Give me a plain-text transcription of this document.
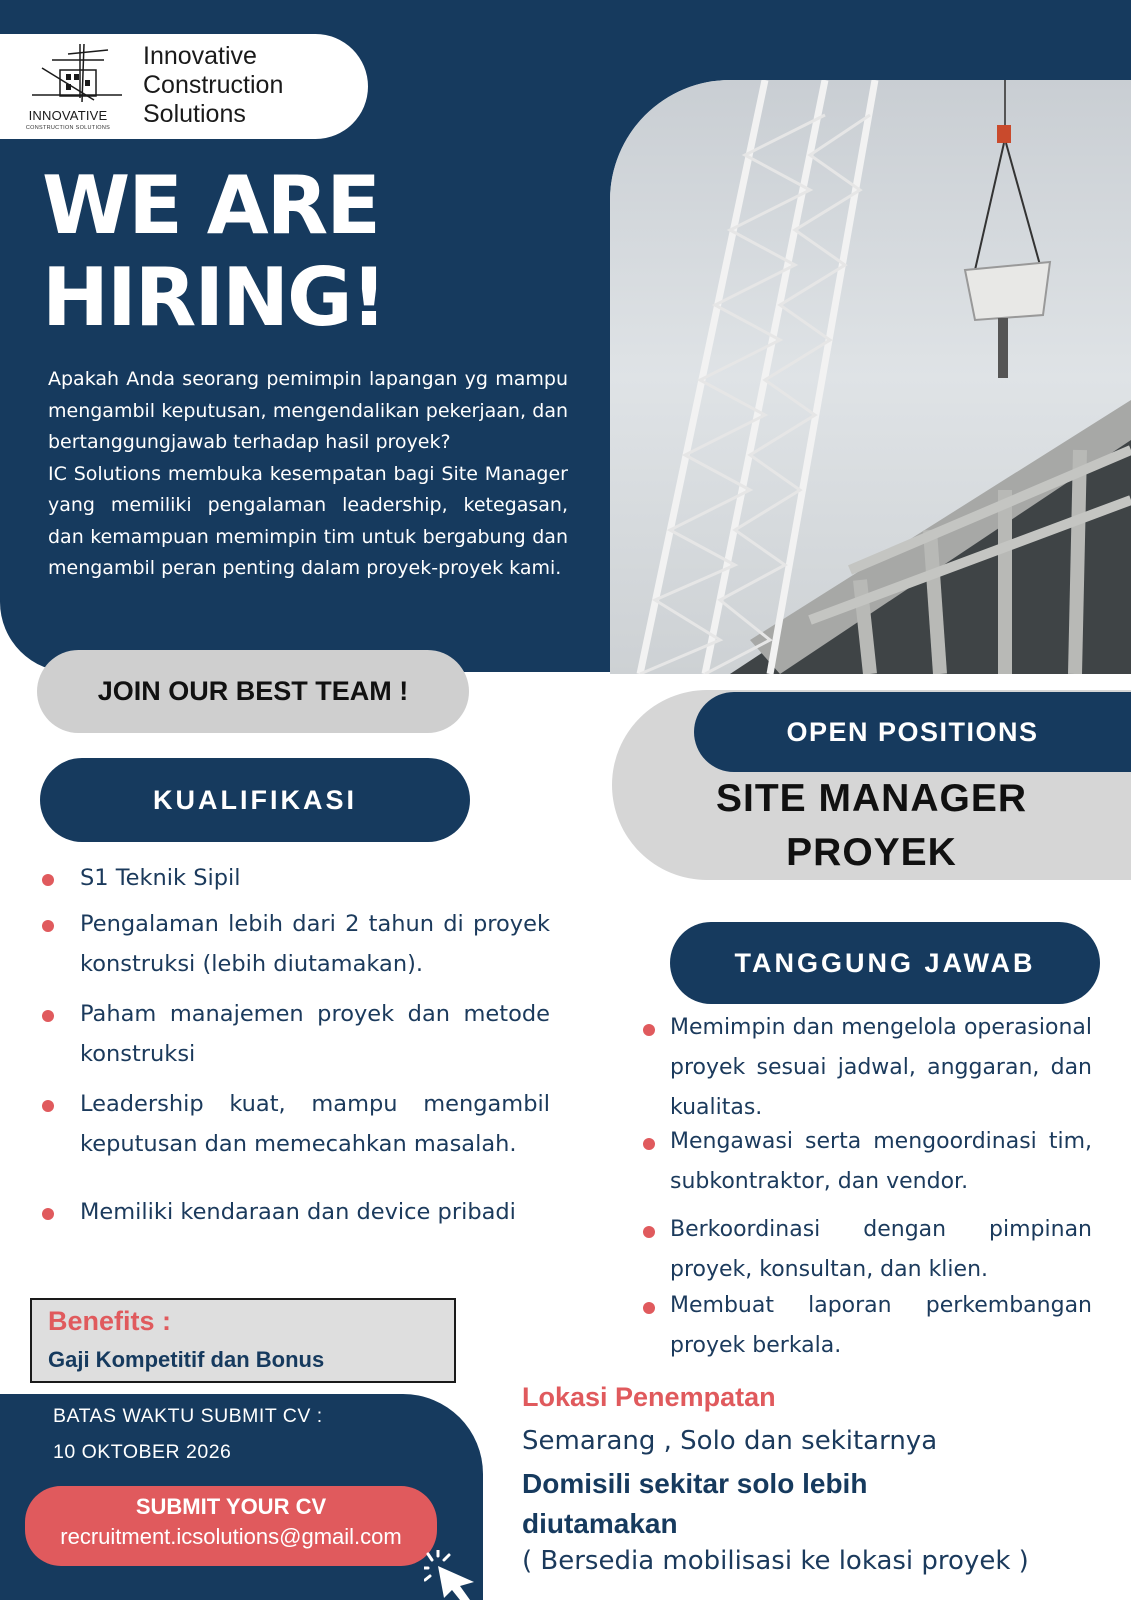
INNOVATIVE
CONSTRUCTION SOLUTIONS
Innovative
Construction
Solutions
WE ARE
HIRING!

Apakah Anda seorang pemimpin lapangan yg mampu mengambil keputusan, mengendalikan pekerjaan, dan bertanggungjawab terhadap hasil proyek?

IC Solutions membuka kesempatan bagi Site Manager yang memiliki pengalaman leadership, ketegasan, dan kemampuan memimpin tim untuk bergabung dan mengambil peran penting dalam proyek-proyek kami.

JOIN OUR BEST TEAM !
OPEN POSITIONS
SITE MANAGER
PROYEK
KUALIFIKASI
S1 Teknik Sipil
Pengalaman lebih dari 2 tahun di proyek konstruksi (lebih diutamakan).
Paham manajemen proyek dan metode konstruksi
Leadership kuat, mampu mengambil keputusan dan memecahkan masalah.
Memiliki kendaraan dan device pribadi
TANGGUNG JAWAB
Memimpin dan mengelola operasional proyek sesuai jadwal, anggaran, dan kualitas.
Mengawasi serta mengoordinasi tim, subkontraktor, dan vendor.
Berkoordinasi dengan pimpinan proyek, konsultan, dan klien.
Membuat laporan perkembangan proyek berkala.
Benefits :
Gaji Kompetitif dan Bonus
BATAS WAKTU SUBMIT CV :
10 OKTOBER 2026
SUBMIT YOUR CV
recruitment.icsolutions@gmail.com
Lokasi Penempatan
Semarang , Solo dan sekitarnya
Domisili sekitar solo lebih diutamakan
( Bersedia mobilisasi ke lokasi proyek )
